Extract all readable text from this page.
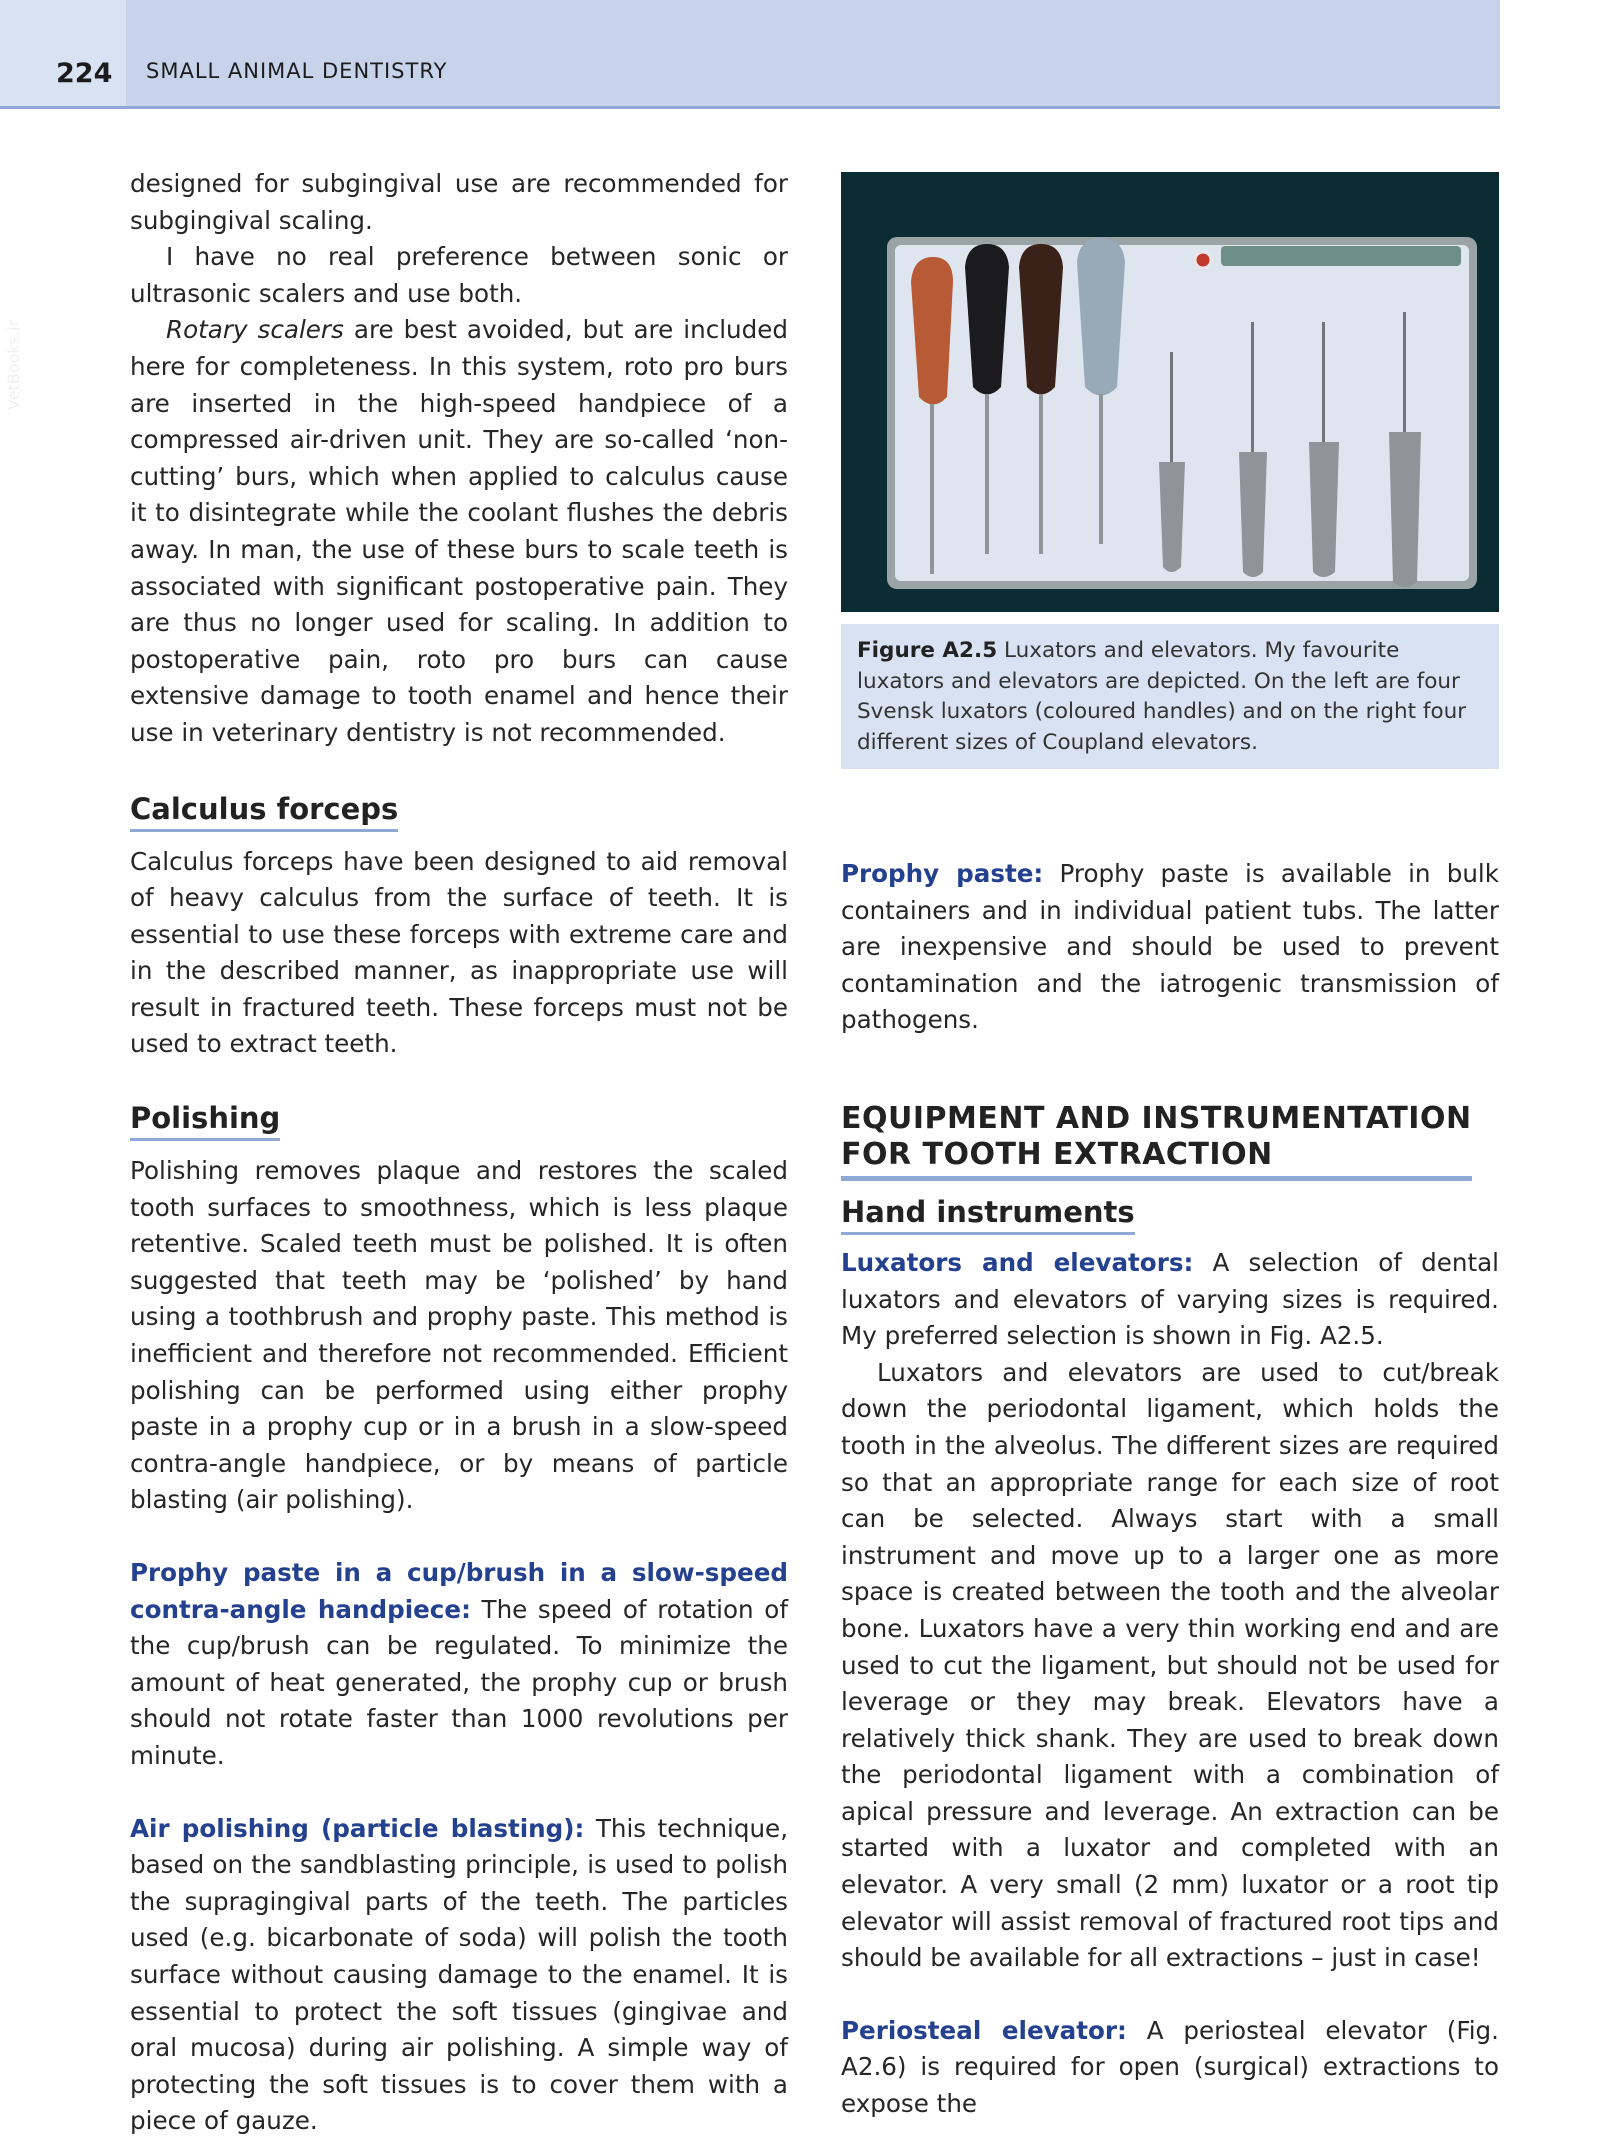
224 SMALL ANIMAL DENTISTRY
VetBooks.ir

designed for subgingival use are recommended for subgingival scaling.

I have no real preference between sonic or ultrasonic scalers and use both.

Rotary scalers are best avoided, but are included here for completeness. In this system, roto pro burs are inserted in the high-speed handpiece of a compressed air-driven unit. They are so-called ‘non-cutting’ burs, which when applied to calculus cause it to disintegrate while the coolant flushes the debris away. In man, the use of these burs to scale teeth is associated with significant postoperative pain. They are thus no longer used for scaling. In addition to postoperative pain, roto pro burs can cause extensive damage to tooth enamel and hence their use in veterinary dentistry is not recommended.

Calculus forceps

Calculus forceps have been designed to aid removal of heavy calculus from the surface of teeth. It is essential to use these forceps with extreme care and in the described manner, as inappropriate use will result in fractured teeth. These forceps must not be used to extract teeth.

Polishing

Polishing removes plaque and restores the scaled tooth surfaces to smoothness, which is less plaque retentive. Scaled teeth must be polished. It is often suggested that teeth may be ‘polished’ by hand using a toothbrush and prophy paste. This method is inefficient and therefore not recommended. Efficient polishing can be performed using either prophy paste in a prophy cup or in a brush in a slow-speed contra-angle handpiece, or by means of particle blasting (air polishing).

Prophy paste in a cup/brush in a slow-speed contra-angle handpiece: The speed of rotation of the cup/brush can be regulated. To minimize the amount of heat generated, the prophy cup or brush should not rotate faster than 1000 revolutions per minute.

Air polishing (particle blasting): This technique, based on the sandblasting principle, is used to polish the supragingival parts of the teeth. The particles used (e.g. bicarbonate of soda) will polish the tooth surface without causing damage to the enamel. It is essential to protect the soft tissues (gingivae and oral mucosa) during air polishing. A simple way of protecting the soft tissues is to cover them with a piece of gauze.

Figure A2.5 Luxators and elevators. My favourite luxators and elevators are depicted. On the left are four Svensk luxators (coloured handles) and on the right four different sizes of Coupland elevators.

Prophy paste: Prophy paste is available in bulk containers and in individual patient tubs. The latter are inexpensive and should be used to prevent contamination and the iatrogenic transmission of pathogens.

EQUIPMENT AND INSTRUMENTATION
FOR TOOTH EXTRACTION
Hand instruments

Luxators and elevators: A selection of dental luxators and elevators of varying sizes is required. My preferred selection is shown in Fig. A2.5.

Luxators and elevators are used to cut/break down the periodontal ligament, which holds the tooth in the alveolus. The different sizes are required so that an appropriate range for each size of root can be selected. Always start with a small instrument and move up to a larger one as more space is created between the tooth and the alveolar bone. Luxators have a very thin working end and are used to cut the ligament, but should not be used for leverage or they may break. Elevators have a relatively thick shank. They are used to break down the periodontal ligament with a combination of apical pressure and leverage. An extraction can be started with a luxator and completed with an elevator. A very small (2 mm) luxator or a root tip elevator will assist removal of fractured root tips and should be available for all extractions – just in case!

Periosteal elevator: A periosteal elevator (Fig. A2.6) is required for open (surgical) extractions to expose the
